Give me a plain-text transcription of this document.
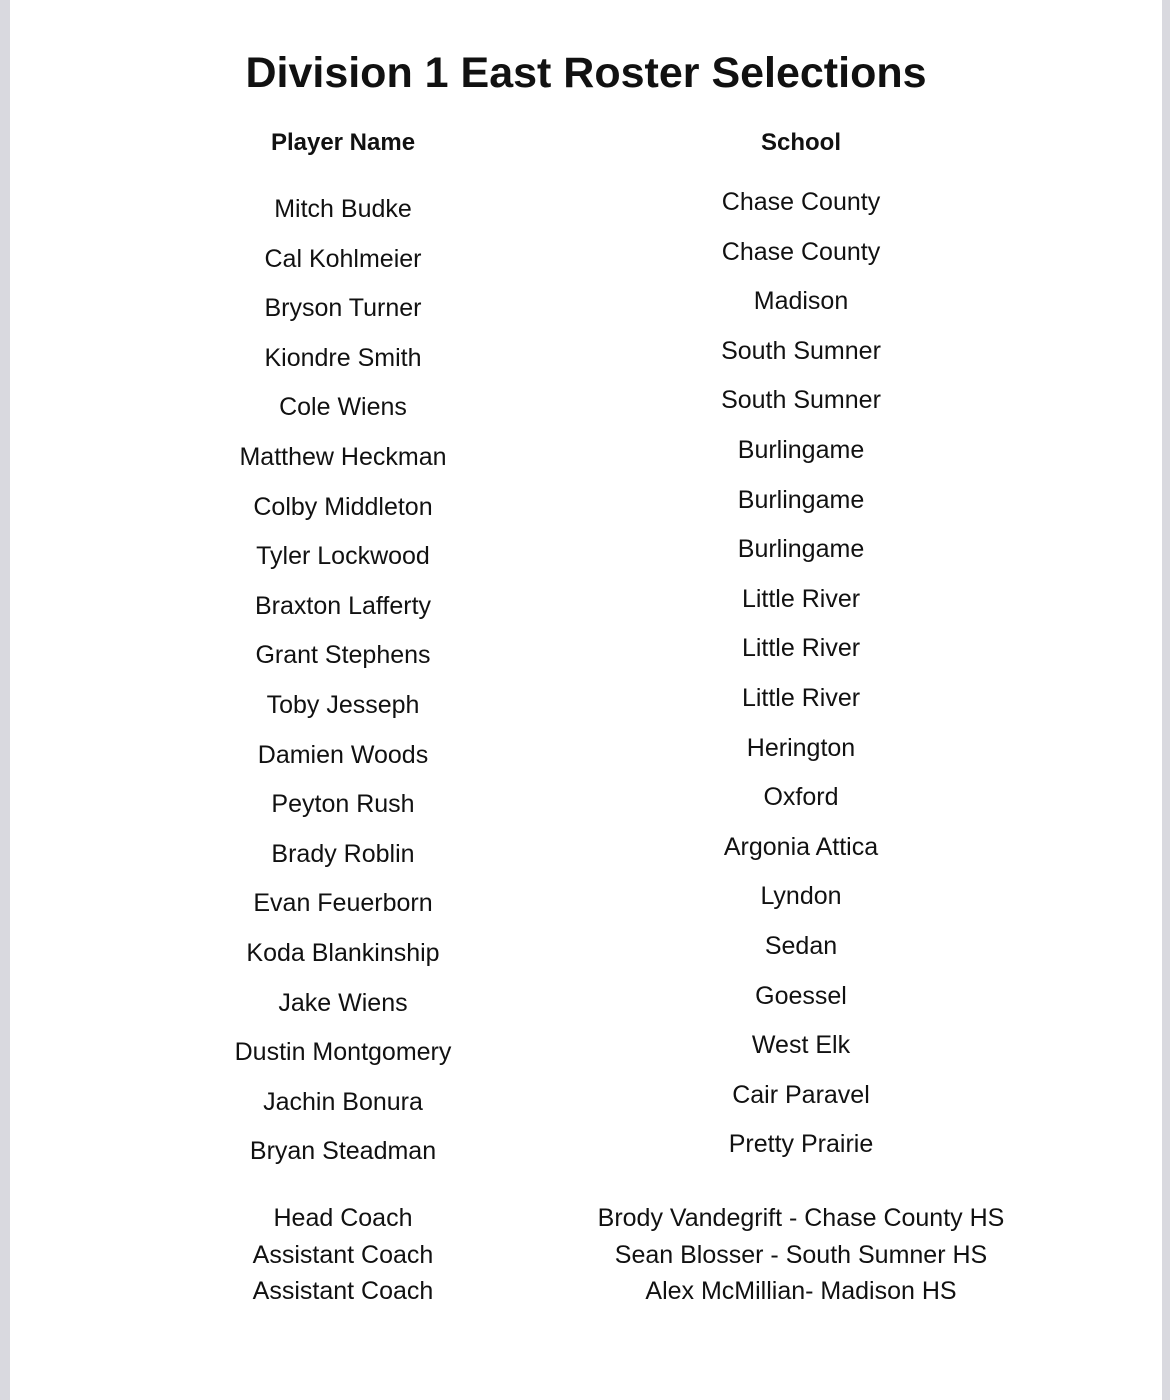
Division 1 East Roster Selections
Player Name	School
Mitch Budke
Cal Kohlmeier
Bryson Turner
Kiondre Smith
Cole Wiens
Matthew Heckman
Colby Middleton
Tyler Lockwood
Braxton Lafferty
Grant Stephens
Toby Jesseph
Damien Woods
Peyton Rush
Brady Roblin
Evan Feuerborn
Koda Blankinship
Jake Wiens
Dustin Montgomery
Jachin Bonura
Bryan Steadman
Chase County
Chase County
Madison
South Sumner
South Sumner
Burlingame
Burlingame
Burlingame
Little River
Little River
Little River
Herington
Oxford
Argonia Attica
Lyndon
Sedan
Goessel
West Elk
Cair Paravel
Pretty Prairie
Head Coach
Assistant Coach
Assistant Coach
Brody Vandegrift - Chase County HS
Sean Blosser - South Sumner HS
Alex McMillian- Madison HS
